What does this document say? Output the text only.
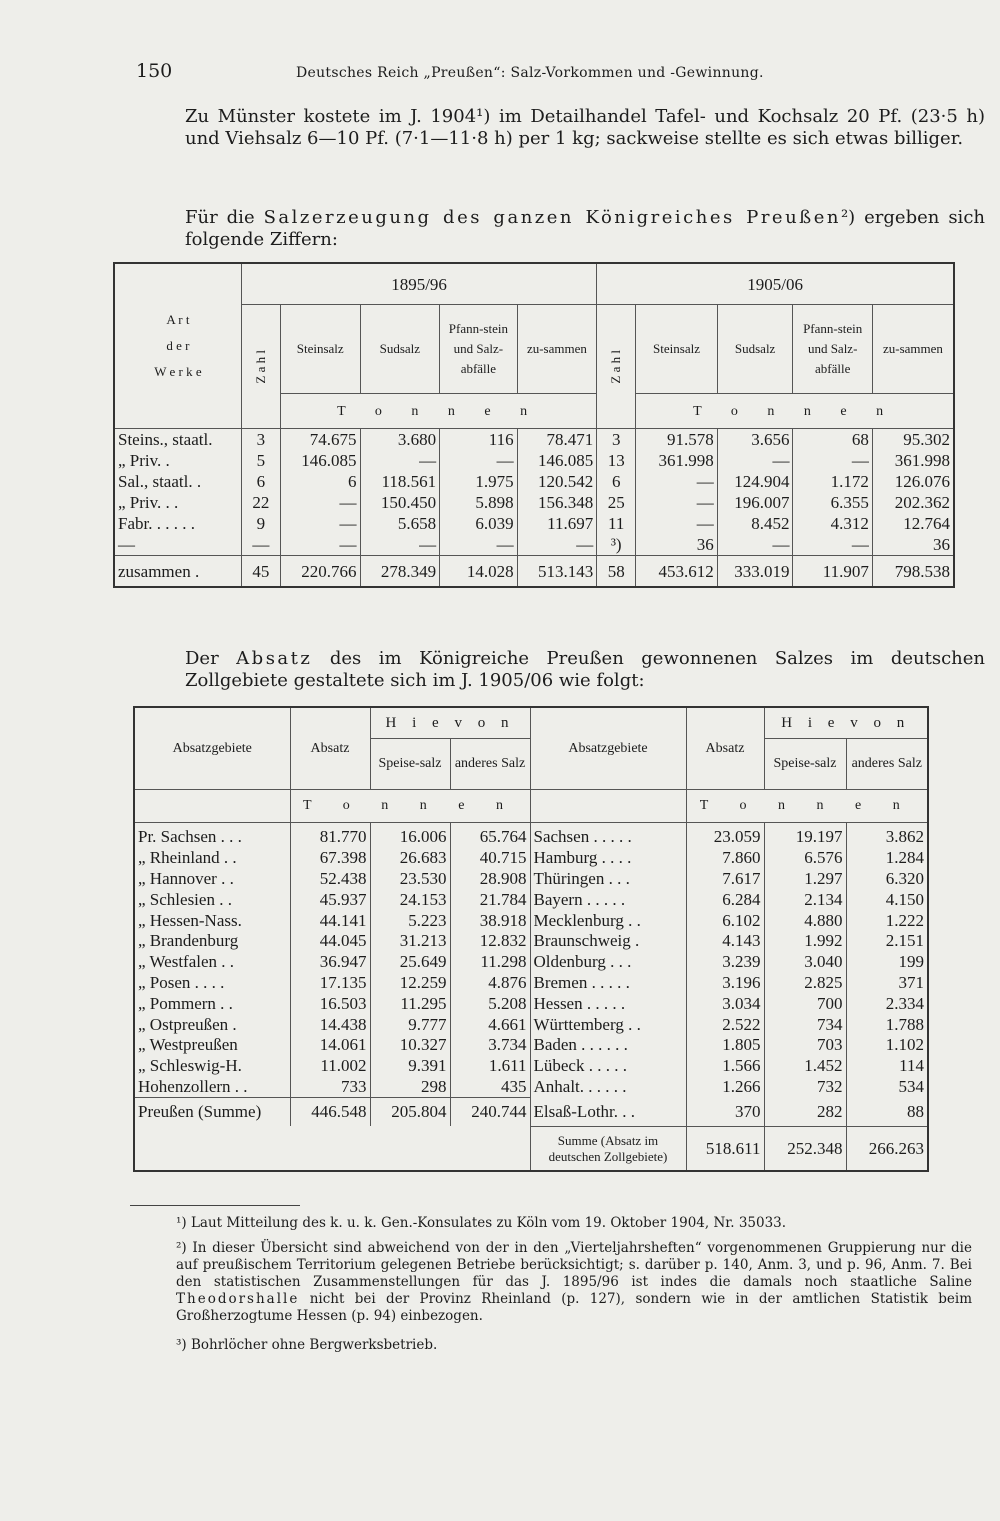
150	Deutsches Reich „Preußen“: Salz-Vorkommen und -Gewinnung.
Zu Münster kostete im J. 1904¹) im Detailhandel Tafel- und Kochsalz 20 Pf. (23·5 h) und Viehsalz 6—10 Pf. (7·1—11·8 h) per 1 kg; sackweise stellte es sich etwas billiger.
Für die Salzerzeugung des ganzen Königreiches Preußen²) ergeben sich folgende Ziffern:
A r t
d e r
W e r k e	1895/96					1905/06				

	Z a h l	Steinsalz	Sudsalz	Pfann-stein und Salz-abfälle	zu-sammen	Z a h l	Steinsalz	Sudsalz	Pfann-stein und Salz-abfälle	zu-sammen
		T o n n e n					T o n n e n			
Steins., staatl.	3	74.675	3.680	116	78.471	3	91.578	3.656	68	95.302
„ Priv. .	5	146.085	—	—	146.085	13	361.998	—	—	361.998
Sal., staatl. .	6	6	118.561	1.975	120.542	6	—	124.904	1.172	126.076
„ Priv. . .	22	—	150.450	5.898	156.348	25	—	196.007	6.355	202.362
Fabr. . . . . .	9	—	5.658	6.039	11.697	11	—	8.452	4.312	12.764
—	—	—	—	—	—	³)	36	—	—	36
zusammen .	45	220.766	278.349	14.028	513.143	58	453.612	333.019	11.907	798.538
Der Absatz des im Königreiche Preußen gewonnenen Salzes im deutschen Zollgebiete gestaltete sich im J. 1905/06 wie folgt:
Absatzgebiete	Absatz	H i e v o n		Absatzgebiete	Absatz	H i e v o n	
		Speise-salz	anderes Salz			Speise-salz	anderes Salz
	T o n n e n				T o n n e n		
Pr. Sachsen . . .	81.770	16.006	65.764	Sachsen . . . . .	23.059	19.197	3.862
„ Rheinland . .	67.398	26.683	40.715	Hamburg . . . .	7.860	6.576	1.284
„ Hannover . .	52.438	23.530	28.908	Thüringen . . .	7.617	1.297	6.320
„ Schlesien . .	45.937	24.153	21.784	Bayern . . . . .	6.284	2.134	4.150
„ Hessen-Nass.	44.141	5.223	38.918	Mecklenburg . .	6.102	4.880	1.222
„ Brandenburg	44.045	31.213	12.832	Braunschweig .	4.143	1.992	2.151
„ Westfalen . .	36.947	25.649	11.298	Oldenburg . . .	3.239	3.040	199
„ Posen . . . .	17.135	12.259	4.876	Bremen . . . . .	3.196	2.825	371
„ Pommern . .	16.503	11.295	5.208	Hessen . . . . .	3.034	700	2.334
„ Ostpreußen .	14.438	9.777	4.661	Württemberg . .	2.522	734	1.788
„ Westpreußen	14.061	10.327	3.734	Baden . . . . . .	1.805	703	1.102
„ Schleswig-H.	11.002	9.391	1.611	Lübeck . . . . .	1.566	1.452	114
Hohenzollern . .	733	298	435	Anhalt. . . . . .	1.266	732	534
Preußen (Summe)	446.548	205.804	240.744	Elsaß-Lothr. . .	370	282	88
				Summe (Absatz im deutschen Zollgebiete)	518.611	252.348	266.263
¹) Laut Mitteilung des k. u. k. Gen.-Konsulates zu Köln vom 19. Oktober 1904, Nr. 35033.
²) In dieser Übersicht sind abweichend von der in den „Vierteljahrsheften“ vorgenommenen Gruppierung nur die auf preußischem Territorium gelegenen Betriebe berücksichtigt; s. darüber p. 140, Anm. 3, und p. 96, Anm. 7. Bei den statistischen Zusammenstellungen für das J. 1895/96 ist indes die damals noch staatliche Saline Theodorshalle nicht bei der Provinz Rheinland (p. 127), sondern wie in der amtlichen Statistik beim Großherzogtume Hessen (p. 94) einbezogen.
³) Bohrlöcher ohne Bergwerksbetrieb.
